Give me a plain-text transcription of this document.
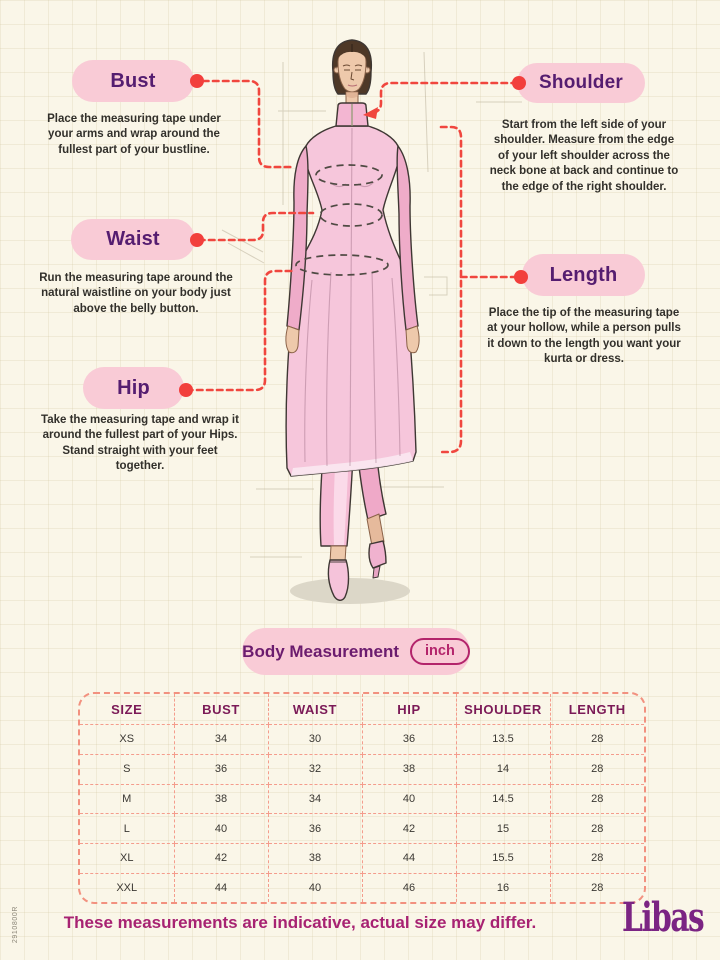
Bust
Place the measuring tape under your arms and wrap around the fullest part of your bustline.
Waist
Run the measuring tape around the natural waistline on your body just above the belly button.
Hip
Take the measuring tape and wrap it around the fullest part of your Hips. Stand straight with your feet together.
Shoulder
Start from the left side of your shoulder. Measure from the edge of your left shoulder across the neck bone at back and continue to the edge of the right shoulder.
Length
Place the tip of the measuring tape at your hollow, while a person pulls it down to the length you want your kurta or dress.
Body Measurement	inch
SIZE	BUST	WAIST	HIP	SHOULDER	LENGTH
XS	34	30	36	13.5	28
S	36	32	38	14	28
M	38	34	40	14.5	28
L	40	36	42	15	28
XL	42	38	44	15.5	28
XXL	44	40	46	16	28
These measurements are indicative, actual size may differ.	Libas
2910800R
